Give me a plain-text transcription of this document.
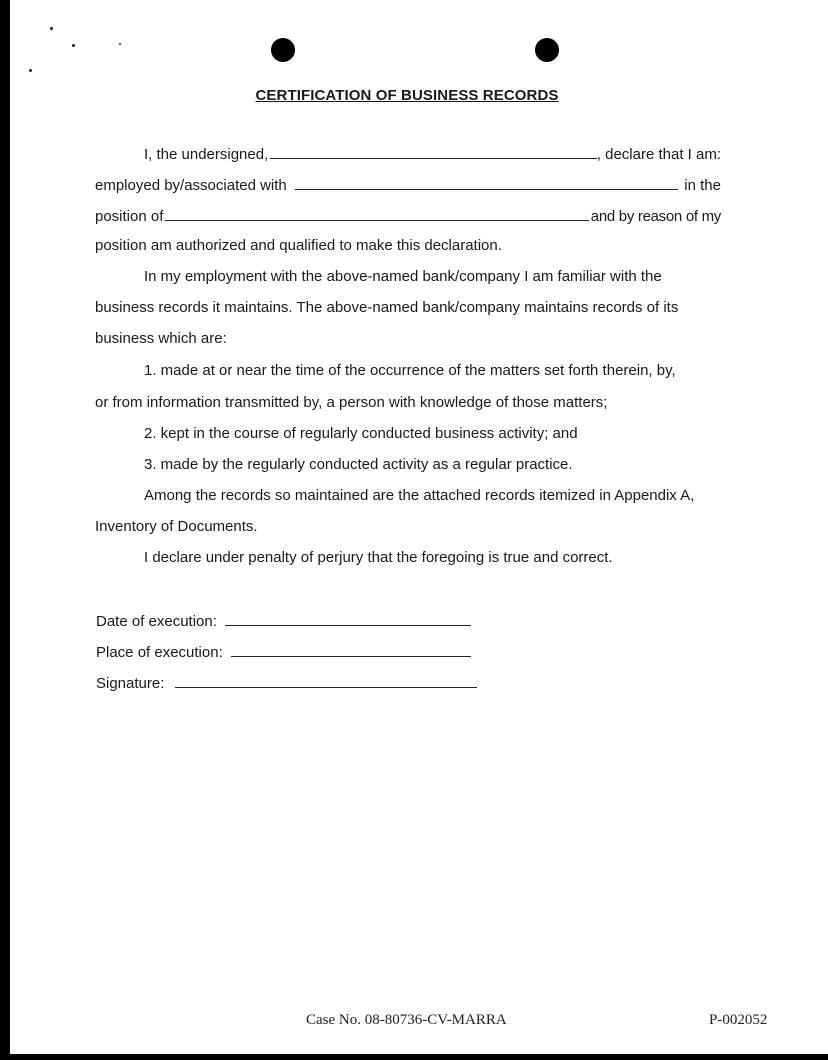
CERTIFICATION OF BUSINESS RECORDS
I, the undersigned,	, declare that I am:
employed by/associated with	in the
position of	and by reason of my
position am authorized and qualified to make this declaration.
In my employment with the above-named bank/company I am familiar with the
business records it maintains. The above-named bank/company maintains records of its
business which are:
1. made at or near the time of the occurrence of the matters set forth therein, by,
or from information transmitted by, a person with knowledge of those matters;
2. kept in the course of regularly conducted business activity; and
3. made by the regularly conducted activity as a regular practice.
Among the records so maintained are the attached records itemized in Appendix A,
Inventory of Documents.
I declare under penalty of perjury that the foregoing is true and correct.
Date of execution:
Place of execution:
Signature:
Case No. 08-80736-CV-MARRA	P-002052
